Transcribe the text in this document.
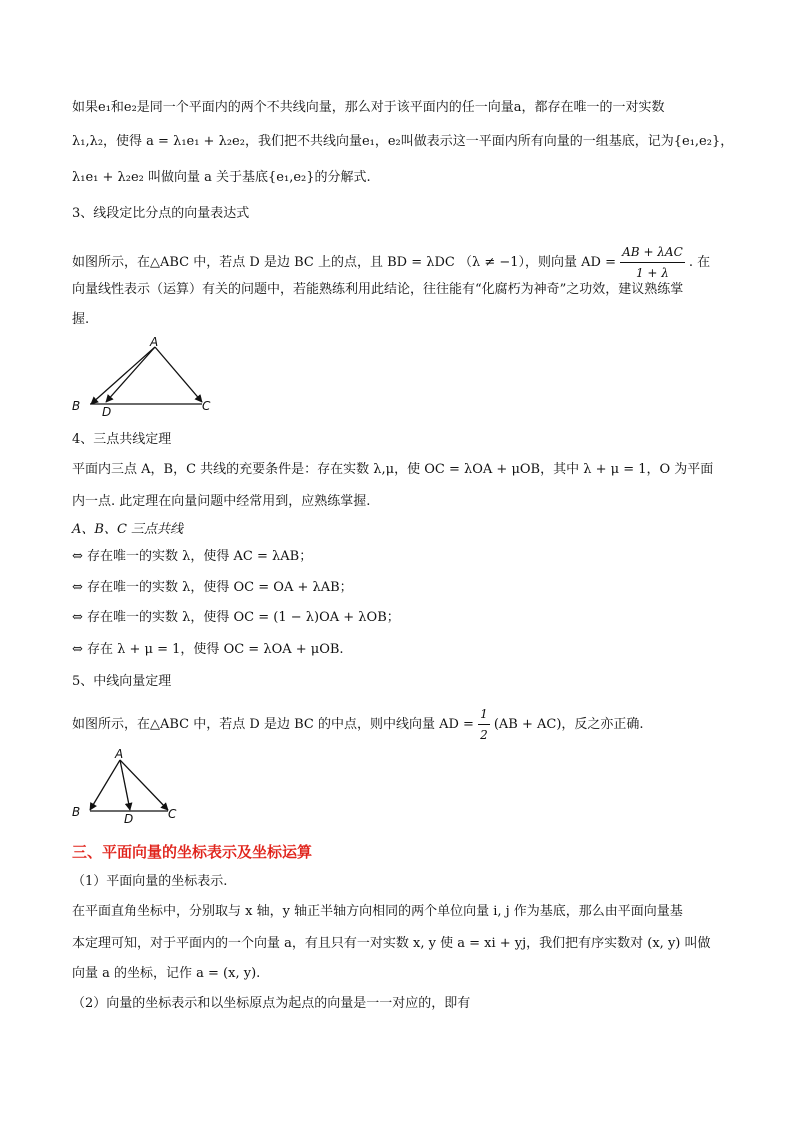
如果e₁和e₂是同一个平面内的两个不共线向量，那么对于该平面内的任一向量a，都存在唯一的一对实数
λ₁,λ₂，使得 a = λ₁e₁ + λ₂e₂，我们把不共线向量e₁，e₂叫做表示这一平面内所有向量的一组基底，记为{e₁,e₂}，
λ₁e₁ + λ₂e₂ 叫做向量 a 关于基底{e₁,e₂}的分解式.
3、线段定比分点的向量表达式
如图所示，在△ABC 中，若点 D 是边 BC 上的点，且 BD = λDC （λ ≠ −1），则向量 AD = $\frac{\text{AB + λAC}}{1 + \lambda}$ . 在
向量线性表示（运算）有关的问题中，若能熟练利用此结论，往往能有“化腐朽为神奇”之功效，建议熟练掌
握.
A
B	C
D
4、三点共线定理
平面内三点 A，B，C 共线的充要条件是：存在实数 λ,μ，使 OC = λOA + μOB，其中 λ + μ = 1，O 为平面
内一点. 此定理在向量问题中经常用到，应熟练掌握.
A、B、C 三点共线
⇔ 存在唯一的实数 λ，使得 AC = λAB；
⇔ 存在唯一的实数 λ，使得 OC = OA + λAB；
⇔ 存在唯一的实数 λ，使得 OC = (1 − λ)OA + λOB；
⇔ 存在 λ + μ = 1，使得 OC = λOA + μOB.
5、中线向量定理
如图所示，在△ABC 中，若点 D 是边 BC 的中点，则中线向量 AD = $\frac{1}{2} (AB + AC)$，反之亦正确.
A
B	C
D
三、平面向量的坐标表示及坐标运算
（1）平面向量的坐标表示.
在平面直角坐标中，分别取与 x 轴，y 轴正半轴方向相同的两个单位向量 i, j 作为基底，那么由平面向量基
本定理可知，对于平面内的一个向量 a，有且只有一对实数 x, y 使 a = xi + yj，我们把有序实数对 (x, y) 叫做
向量 a 的坐标，记作 a = (x, y).
（2）向量的坐标表示和以坐标原点为起点的向量是一一对应的，即有
